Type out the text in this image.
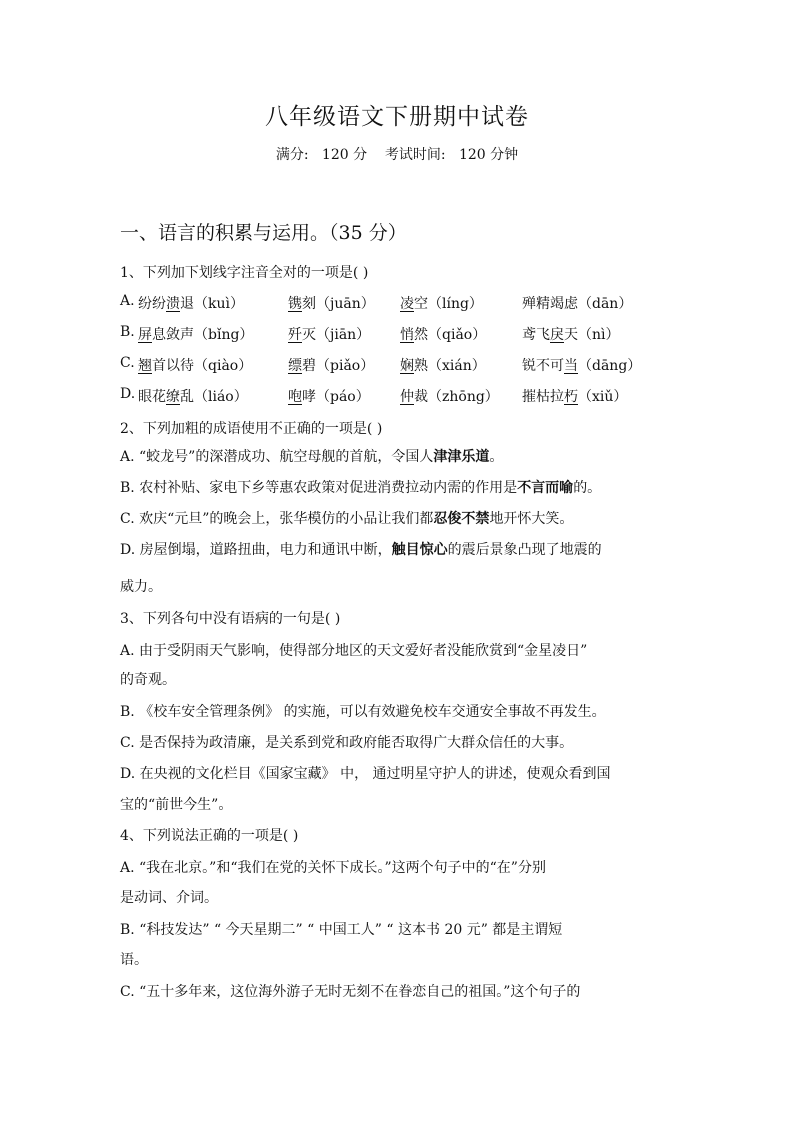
八年级语文下册期中试卷
满分:   120 分    考试时间:   120 分钟
一、语言的积累与运用。（35 分）
1、下列加下划线字注音全对的一项是( )
A. 纷纷溃退（kuì）	镌刻（juān） 凌空（líng）	殚精竭虑（dān）
B. 屏息敛声（bǐng） 歼灭（jiān） 悄然（qiǎo）	鸢飞戾天（nì）
C. 翘首以待（qiào）	缥碧（piǎo） 娴熟（xián）	锐不可当（dāng）
D. 眼花缭乱（liáo）	咆哮（páo） 仲裁（zhōng） 摧枯拉朽（xiǔ）
2、下列加粗的成语使用不正确的一项是( )
A. “蛟龙号”的深潜成功、航空母舰的首航，令国人津津乐道。
B. 农村补贴、家电下乡等惠农政策对促进消费拉动内需的作用是不言而喻的。
C. 欢庆“元旦”的晚会上，张华模仿的小品让我们都忍俊不禁地开怀大笑。
D. 房屋倒塌，道路扭曲，电力和通讯中断，触目惊心的震后景象凸现了地震的
威力。
3、下列各句中没有语病的一句是( )
A. 由于受阴雨天气影响，使得部分地区的天文爱好者没能欣赏到“金星凌日”
的奇观。
B. 《校车安全管理条例》 的实施，可以有效避免校车交通安全事故不再发生。
C. 是否保持为政清廉，是关系到党和政府能否取得广大群众信任的大事。
D. 在央视的文化栏目《国家宝藏》 中， 通过明星守护人的讲述，使观众看到国
宝的“前世今生”。
4、下列说法正确的一项是( )
A. “我在北京。”和“我们在党的关怀下成长。”这两个句子中的“在”分别
是动词、介词。
B. “科技发达” “ 今天星期二” “ 中国工人” “ 这本书 20 元” 都是主谓短
语。
C. “五十多年来，这位海外游子无时无刻不在眷恋自己的祖国。”这个句子的
